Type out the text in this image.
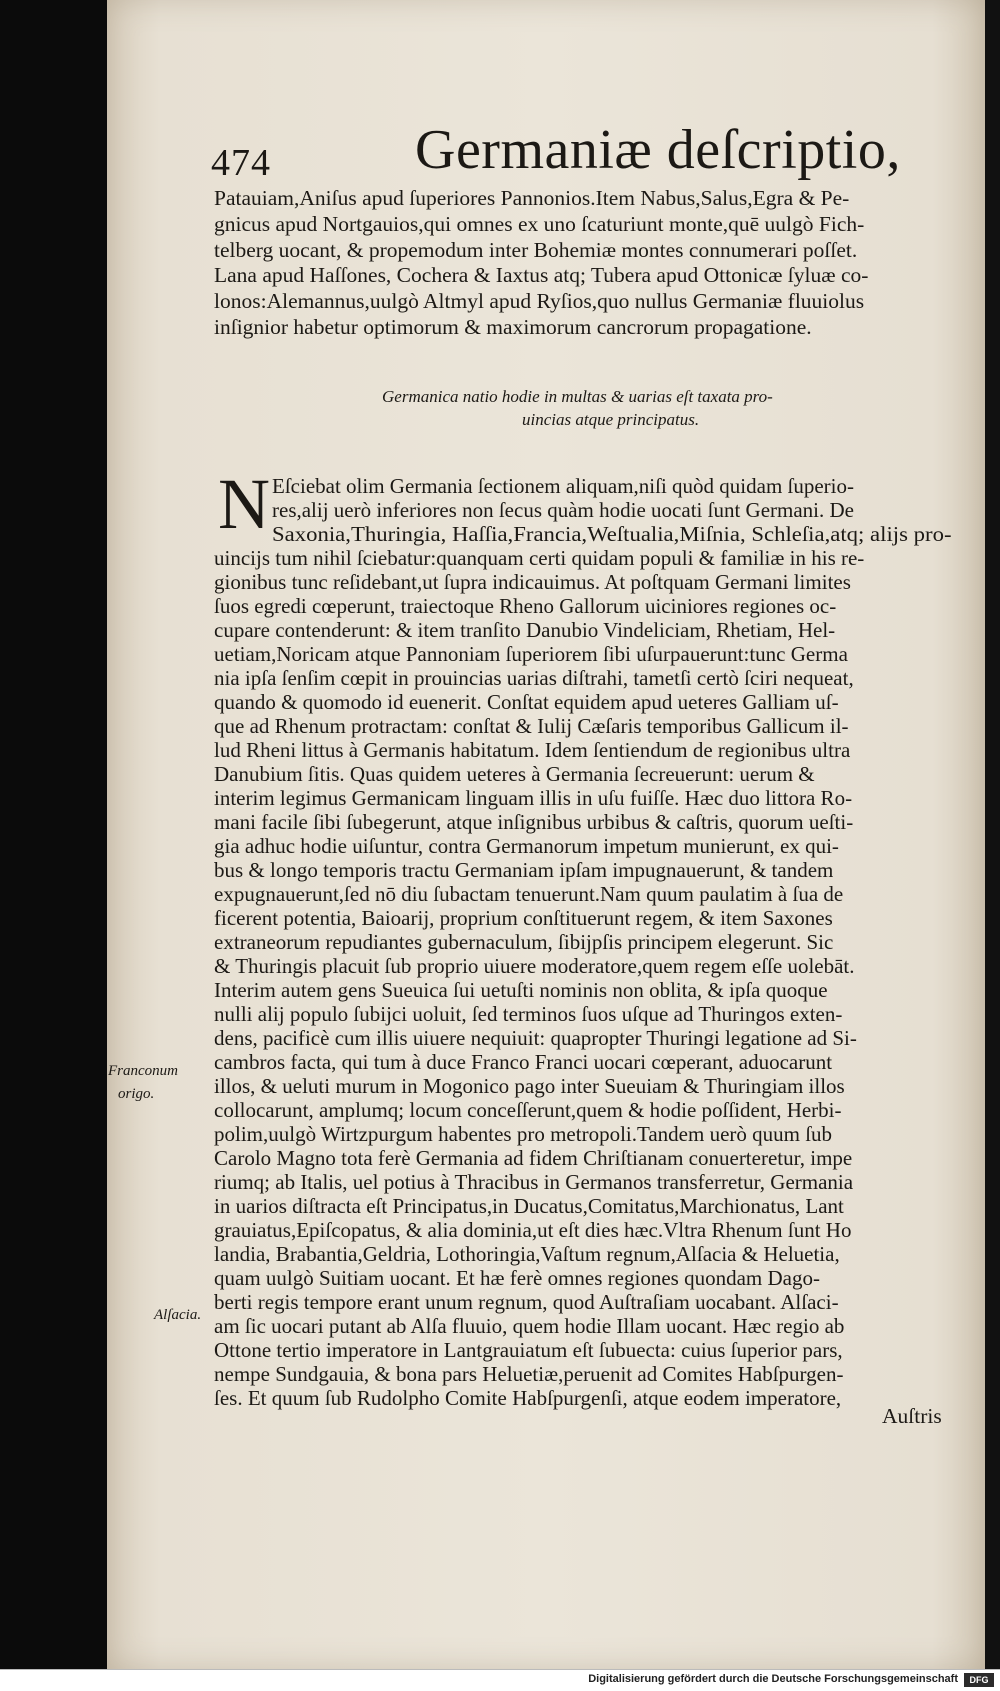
474	Germaniæ deſcriptio,
Patauiam,Aniſus apud ſuperiores Pannonios.Item Nabus,Salus,Egra & Pe-
gnicus apud Nortgauios,qui omnes ex uno ſcaturiunt monte,quē uulgò Fich-
telberg uocant, & propemodum inter Bohemiæ montes connumerari poſſet.
Lana apud Haſſones, Cochera & Iaxtus atq; Tubera apud Ottonicæ ſyluæ co-
lonos:Alemannus,uulgò Altmyl apud Ryſios,quo nullus Germaniæ fluuiolus
inſignior habetur optimorum & maximorum cancrorum propagatione.
Germanica natio hodie in multas & uarias eſt taxata pro-
uincias atque principatus.
N Eſciebat olim Germania ſectionem aliquam,niſi quòd quidam ſuperio-
res,alij uerò inferiores non ſecus quàm hodie uocati ſunt Germani. De
Saxonia,Thuringia, Haſſia,Francia,Weſtualia,Miſnia, Schleſia,atq; alijs pro-
uincijs tum nihil ſciebatur:quanquam certi quidam populi & familiæ in his re-
gionibus tunc reſidebant,ut ſupra indicauimus. At poſtquam Germani limites
ſuos egredi cœperunt, traiectoque Rheno Gallorum uiciniores regiones oc-
cupare contenderunt: & item tranſito Danubio Vindeliciam, Rhetiam, Hel-
uetiam,Noricam atque Pannoniam ſuperiorem ſibi uſurpauerunt:tunc Germa
nia ipſa ſenſim cœpit in prouincias uarias diſtrahi, tametſi certò ſciri nequeat,
quando & quomodo id euenerit. Conſtat equidem apud ueteres Galliam uſ-
que ad Rhenum protractam: conſtat & Iulij Cæſaris temporibus Gallicum il-
lud Rheni littus à Germanis habitatum. Idem ſentiendum de regionibus ultra
Danubium ſitis. Quas quidem ueteres à Germania ſecreuerunt: uerum &
interim legimus Germanicam linguam illis in uſu fuiſſe. Hæc duo littora Ro-
mani facile ſibi ſubegerunt, atque inſignibus urbibus & caſtris, quorum ueſti-
gia adhuc hodie uiſuntur, contra Germanorum impetum munierunt, ex qui-
bus & longo temporis tractu Germaniam ipſam impugnauerunt, & tandem
expugnauerunt,ſed nō diu ſubactam tenuerunt.Nam quum paulatim à ſua de
ficerent potentia, Baioarij, proprium conſtituerunt regem, & item Saxones
extraneorum repudiantes gubernaculum, ſibijpſis principem elegerunt. Sic
& Thuringis placuit ſub proprio uiuere moderatore,quem regem eſſe uolebāt.
Interim autem gens Sueuica ſui uetuſti nominis non oblita, & ipſa quoque
nulli alij populo ſubijci uoluit, ſed terminos ſuos uſque ad Thuringos exten-
dens, pacificè cum illis uiuere nequiuit: quapropter Thuringi legatione ad Si-
cambros facta, qui tum à duce Franco Franci uocari cœperant, aduocarunt
illos, & ueluti murum in Mogonico pago inter Sueuiam & Thuringiam illos
collocarunt, amplumq; locum conceſſerunt,quem & hodie poſſident, Herbi-
polim,uulgò Wirtzpurgum habentes pro metropoli.Tandem uerò quum ſub
Carolo Magno tota ferè Germania ad fidem Chriſtianam conuerteretur, impe
riumq; ab Italis, uel potius à Thracibus in Germanos transferretur, Germania
in uarios diſtracta eſt Principatus,in Ducatus,Comitatus,Marchionatus, Lant
grauiatus,Epiſcopatus, & alia dominia,ut eſt dies hæc.Vltra Rhenum ſunt Ho
landia, Brabantia,Geldria, Lothoringia,Vaſtum regnum,Alſacia & Heluetia,
quam uulgò Suitiam uocant. Et hæ ferè omnes regiones quondam Dago-
berti regis tempore erant unum regnum, quod Auſtraſiam uocabant. Alſaci-
am ſic uocari putant ab Alſa fluuio, quem hodie Illam uocant. Hæc regio ab
Ottone tertio imperatore in Lantgrauiatum eſt ſubuecta: cuius ſuperior pars,
nempe Sundgauia, & bona pars Heluetiæ,peruenit ad Comites Habſpurgen-
ſes. Et quum ſub Rudolpho Comite Habſpurgenſi, atque eodem imperatore,
Franconum
origo.
Alſacia.
Auſtris
Digitalisierung gefördert durch die Deutsche Forschungsgemeinschaft	DFG
